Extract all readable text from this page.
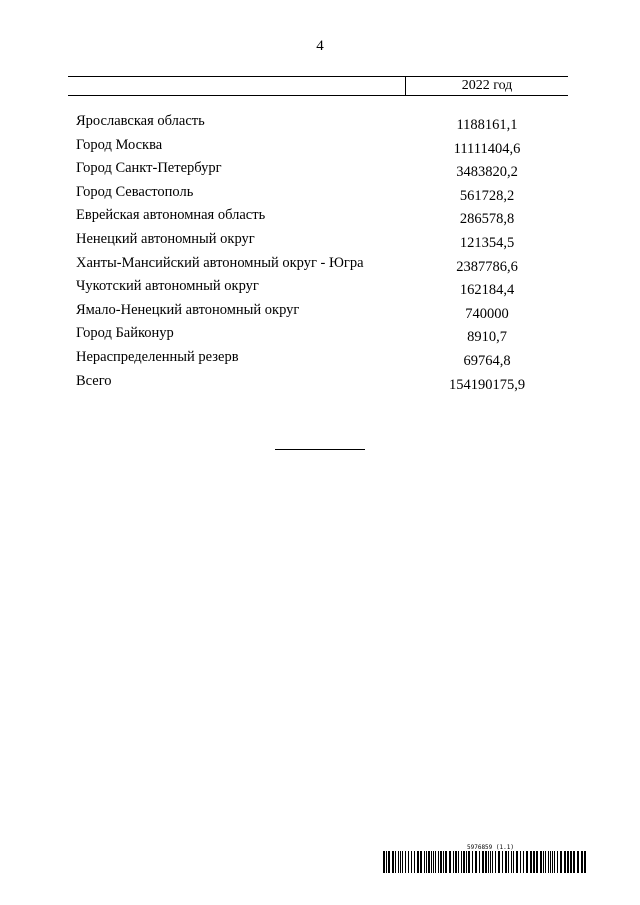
4
2022 год
Ярославская область	1188161,1
Город Москва	11111404,6
Город Санкт-Петербург	3483820,2
Город Севастополь	561728,2
Еврейская автономная область	286578,8
Ненецкий автономный округ	121354,5
Ханты-Мансийский автономный округ - Югра	2387786,6
Чукотский автономный округ	162184,4
Ямало-Ненецкий автономный округ	740000
Город Байконур	8910,7
Нераспределенный резерв	69764,8
Всего	154190175,9
5976859 (1.1)
